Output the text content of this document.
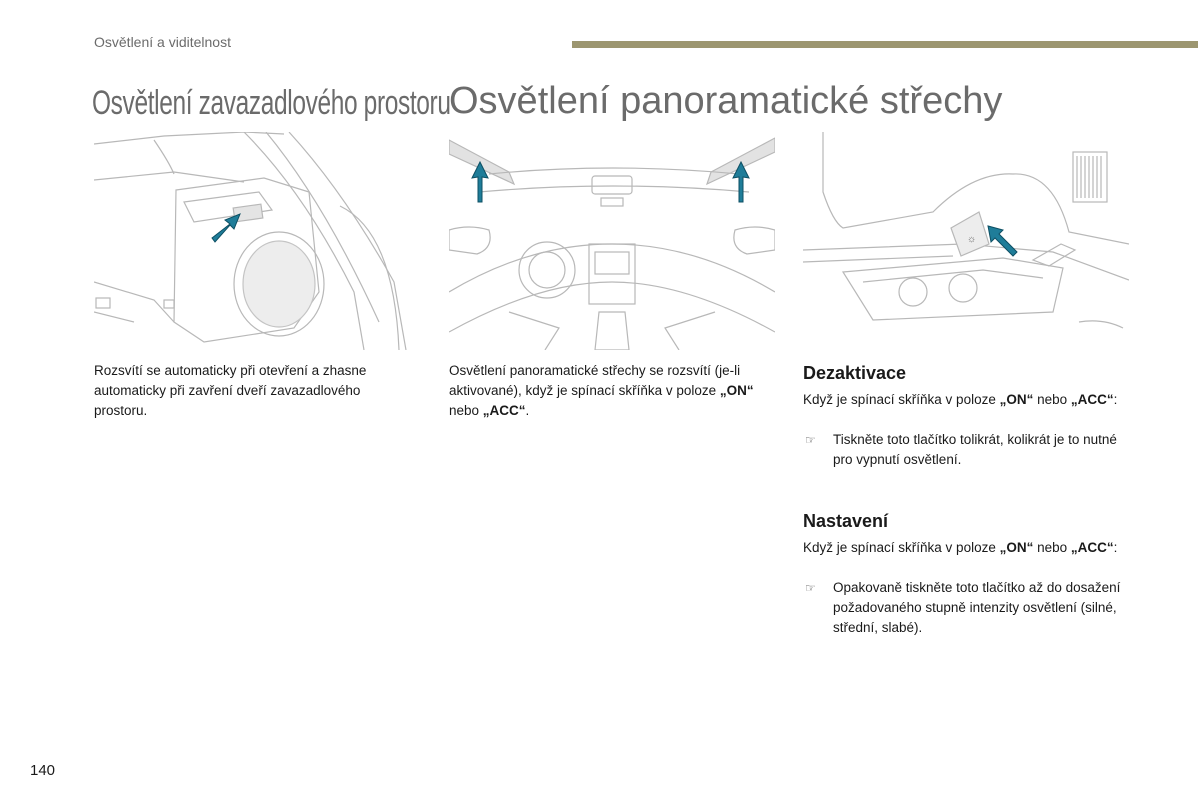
Osvětlení a viditelnost
Osvětlení zavazadlového prostoru
Osvětlení panoramatické střechy
☼
Rozsvítí se automaticky při otevření a zhasne automaticky při zavření dveří zavazadlového prostoru.
Osvětlení panoramatické střechy se rozsvítí (je-li aktivované), když je spínací skříňka v poloze „ON“ nebo „ACC“.
Dezaktivace
Když je spínací skříňka v poloze „ON“ nebo „ACC“:
☞	Tiskněte toto tlačítko tolikrát, kolikrát je to nutné pro vypnutí osvětlení.
Nastavení
Když je spínací skříňka v poloze „ON“ nebo „ACC“:
☞	Opakovaně tiskněte toto tlačítko až do dosažení požadovaného stupně intenzity osvětlení (silné, střední, slabé).
140
